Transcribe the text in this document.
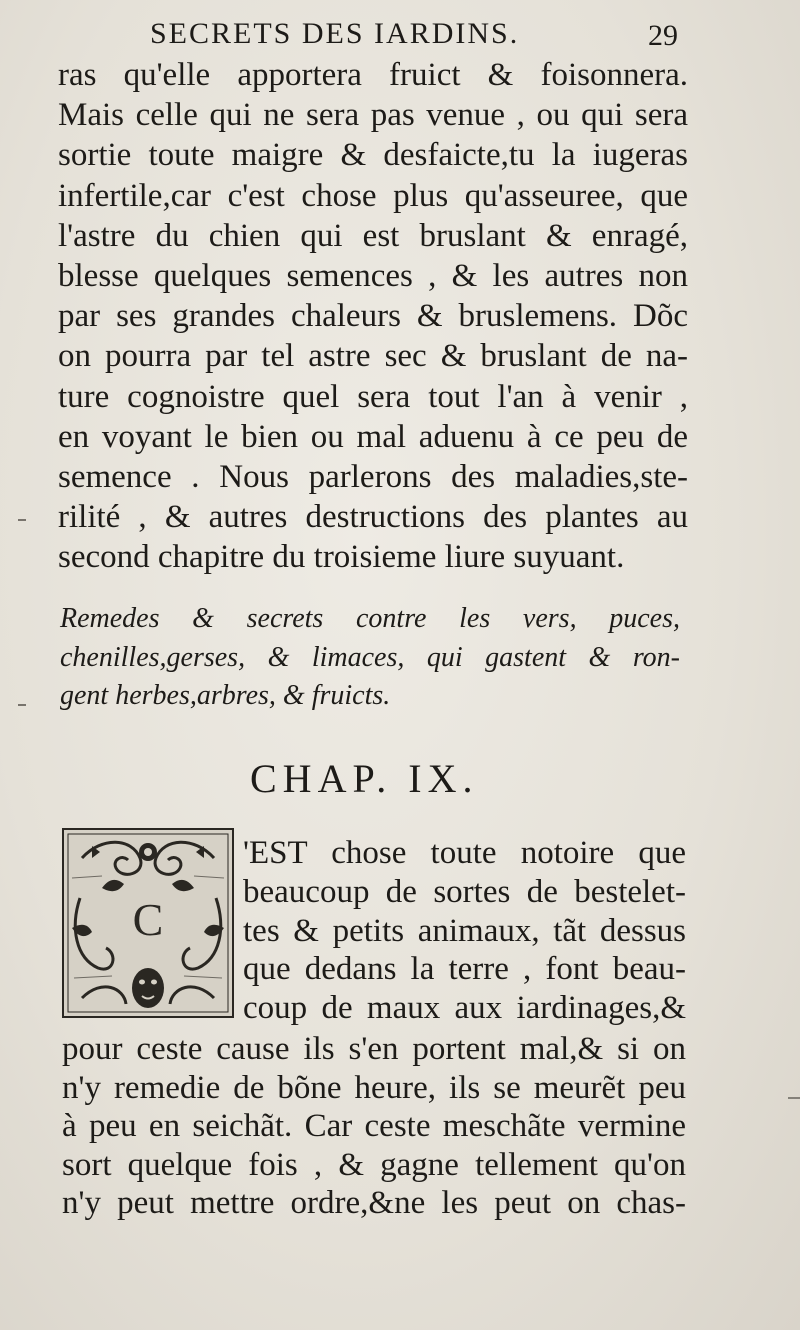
SECRETS DES IARDINS.	29
ras qu'elle apportera fruict & foisonnera.
Mais celle qui ne sera pas venue , ou qui sera
sortie toute maigre & desfaicte,tu la iugeras
infertile,car c'est chose plus qu'asseuree, que
l'astre du chien qui est bruslant & enragé,
blesse quelques semences , & les autres non
par ses grandes chaleurs & bruslemens. Dõc
on pourra par tel astre sec & bruslant de na-
ture cognoistre quel sera tout l'an à venir ,
en voyant le bien ou mal aduenu à ce peu de
semence . Nous parlerons des maladies,ste-
rilité , & autres destructions des plantes au
second chapitre du troisieme liure suyuant.
Remedes & secrets contre les vers, puces,
chenilles,gerses, & limaces, qui gastent & ron-
gent herbes,arbres, & fruicts.
CHAP. IX.
C
'EST chose toute notoire que
beaucoup de sortes de bestelet-
tes & petits animaux, tãt dessus
que dedans la terre , font beau-
coup de maux aux iardinages,&
pour ceste cause ils s'en portent mal,& si on
n'y remedie de bõne heure, ils se meurẽt peu
à peu en seichãt. Car ceste meschãte vermine
sort quelque fois , & gagne tellement qu'on
n'y peut mettre ordre,&ne les peut on chas-
